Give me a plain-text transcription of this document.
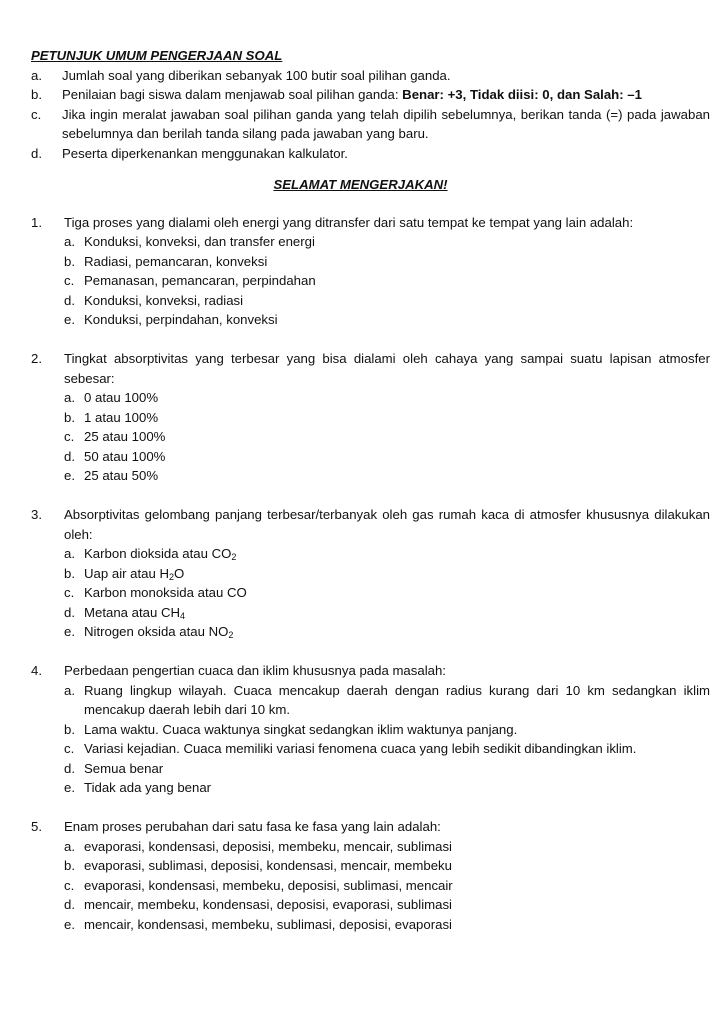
PETUNJUK UMUM PENGERJAAN SOAL
a.	Jumlah soal yang diberikan sebanyak 100 butir soal pilihan ganda.
b.	Penilaian bagi siswa dalam menjawab soal pilihan ganda: Benar: +3, Tidak diisi: 0, dan Salah: –1
c.	Jika ingin meralat jawaban soal pilihan ganda yang telah dipilih sebelumnya, berikan tanda (=) pada jawaban sebelumnya dan berilah tanda silang pada jawaban yang baru.
d.	Peserta diperkenankan menggunakan kalkulator.
SELAMAT MENGERJAKAN!
1.	Tiga proses yang dialami oleh energi yang ditransfer dari satu tempat ke tempat yang lain adalah:
a. Konduksi, konveksi, dan transfer energi
b. Radiasi, pemancaran, konveksi
c. Pemanasan, pemancaran, perpindahan
d. Konduksi, konveksi, radiasi
e. Konduksi, perpindahan, konveksi
2.	Tingkat absorptivitas yang terbesar yang bisa dialami oleh cahaya yang sampai suatu lapisan atmosfer sebesar:
a. 0 atau 100%
b. 1 atau 100%
c. 25 atau 100%
d. 50 atau 100%
e. 25 atau 50%
3.	Absorptivitas gelombang panjang terbesar/terbanyak oleh gas rumah kaca di atmosfer khususnya dilakukan oleh:
a. Karbon dioksida atau $CO_2$
b. Uap air atau $H_2O$
c. Karbon monoksida atau CO
d. Metana atau $CH_4$
e. Nitrogen oksida atau $NO_2$
4.	Perbedaan pengertian cuaca dan iklim khususnya pada masalah:
a. Ruang lingkup wilayah. Cuaca mencakup daerah dengan radius kurang dari 10 km sedangkan iklim mencakup daerah lebih dari 10 km.
b. Lama waktu. Cuaca waktunya singkat sedangkan iklim waktunya panjang.
c. Variasi kejadian. Cuaca memiliki variasi fenomena cuaca yang lebih sedikit dibandingkan iklim.
d. Semua benar
e. Tidak ada yang benar
5.	Enam proses perubahan dari satu fasa ke fasa yang lain adalah:
a. evaporasi, kondensasi, deposisi, membeku, mencair, sublimasi
b. evaporasi, sublimasi, deposisi, kondensasi, mencair, membeku
c. evaporasi, kondensasi, membeku, deposisi, sublimasi, mencair
d. mencair, membeku, kondensasi, deposisi, evaporasi, sublimasi
e. mencair, kondensasi, membeku, sublimasi, deposisi, evaporasi
